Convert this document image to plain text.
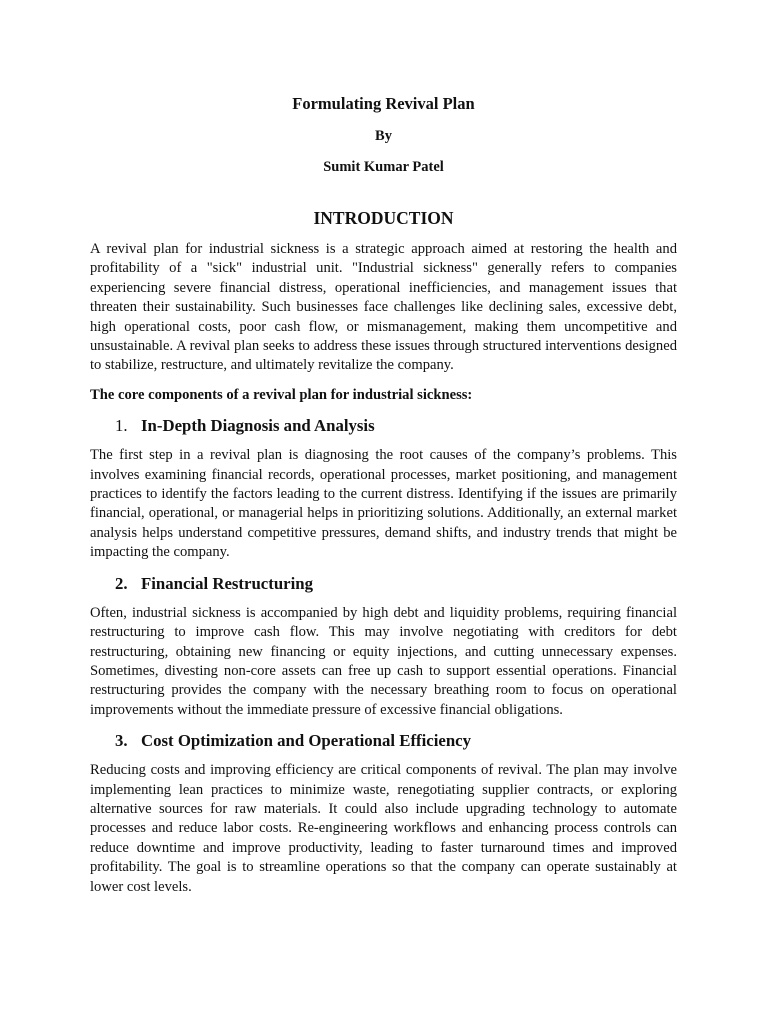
Formulating Revival Plan

By

Sumit Kumar Patel

INTRODUCTION

A revival plan for industrial sickness is a strategic approach aimed at restoring the health and profitability of a "sick" industrial unit. "Industrial sickness" generally refers to companies experiencing severe financial distress, operational inefficiencies, and management issues that threaten their sustainability. Such businesses face challenges like declining sales, excessive debt, high operational costs, poor cash flow, or mismanagement, making them uncompetitive and unsustainable. A revival plan seeks to address these issues through structured interventions designed to stabilize, restructure, and ultimately revitalize the company.

The core components of a revival plan for industrial sickness:

1. In-Depth Diagnosis and Analysis

The first step in a revival plan is diagnosing the root causes of the company’s problems. This involves examining financial records, operational processes, market positioning, and management practices to identify the factors leading to the current distress. Identifying if the issues are primarily financial, operational, or managerial helps in prioritizing solutions. Additionally, an external market analysis helps understand competitive pressures, demand shifts, and industry trends that might be impacting the company.

2. Financial Restructuring

Often, industrial sickness is accompanied by high debt and liquidity problems, requiring financial restructuring to improve cash flow. This may involve negotiating with creditors for debt restructuring, obtaining new financing or equity injections, and cutting unnecessary expenses. Sometimes, divesting non-core assets can free up cash to support essential operations. Financial restructuring provides the company with the necessary breathing room to focus on operational improvements without the immediate pressure of excessive financial obligations.

3. Cost Optimization and Operational Efficiency

Reducing costs and improving efficiency are critical components of revival. The plan may involve implementing lean practices to minimize waste, renegotiating supplier contracts, or exploring alternative sources for raw materials. It could also include upgrading technology to automate processes and reduce labor costs. Re-engineering workflows and enhancing process controls can reduce downtime and improve productivity, leading to faster turnaround times and improved profitability. The goal is to streamline operations so that the company can operate sustainably at lower cost levels.
